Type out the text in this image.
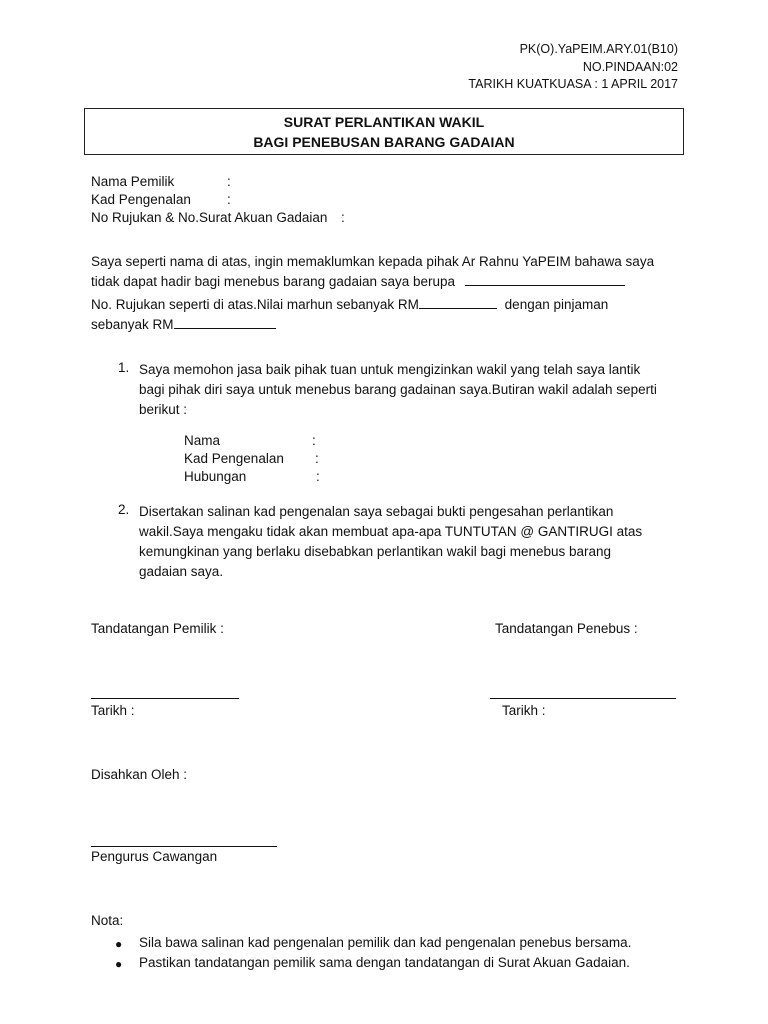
PK(O).YaPEIM.ARY.01(B10)
NO.PINDAAN:02
TARIKH KUATKUASA : 1 APRIL 2017
SURAT PERLANTIKAN WAKIL
BAGI PENEBUSAN BARANG GADAIAN
Nama Pemilik	:
Kad Pengenalan	:
No Rujukan & No.Surat Akuan Gadaian :
Saya seperti nama di atas, ingin memaklumkan kepada pihak Ar Rahnu YaPEIM bahawa saya
tidak dapat hadir bagi menebus barang gadaian saya berupa
No. Rujukan seperti di atas.Nilai marhun sebanyak RM	dengan pinjaman
sebanyak RM
1. Saya memohon jasa baik pihak tuan untuk mengizinkan wakil yang telah saya lantik
bagi pihak diri saya untuk menebus barang gadainan saya.Butiran wakil adalah seperti
berikut :
Nama	:
Kad Pengenalan :
Hubungan	:
2. Disertakan salinan kad pengenalan saya sebagai bukti pengesahan perlantikan
wakil.Saya mengaku tidak akan membuat apa-apa TUNTUTAN @ GANTIRUGI atas
kemungkinan yang berlaku disebabkan perlantikan wakil bagi menebus barang
gadaian saya.
Tandatangan Pemilik :	Tandatangan Penebus :
Tarikh :	Tarikh :
Disahkan Oleh :
Pengurus Cawangan
Nota:
● Sila bawa salinan kad pengenalan pemilik dan kad pengenalan penebus bersama.
● Pastikan tandatangan pemilik sama dengan tandatangan di Surat Akuan Gadaian.
